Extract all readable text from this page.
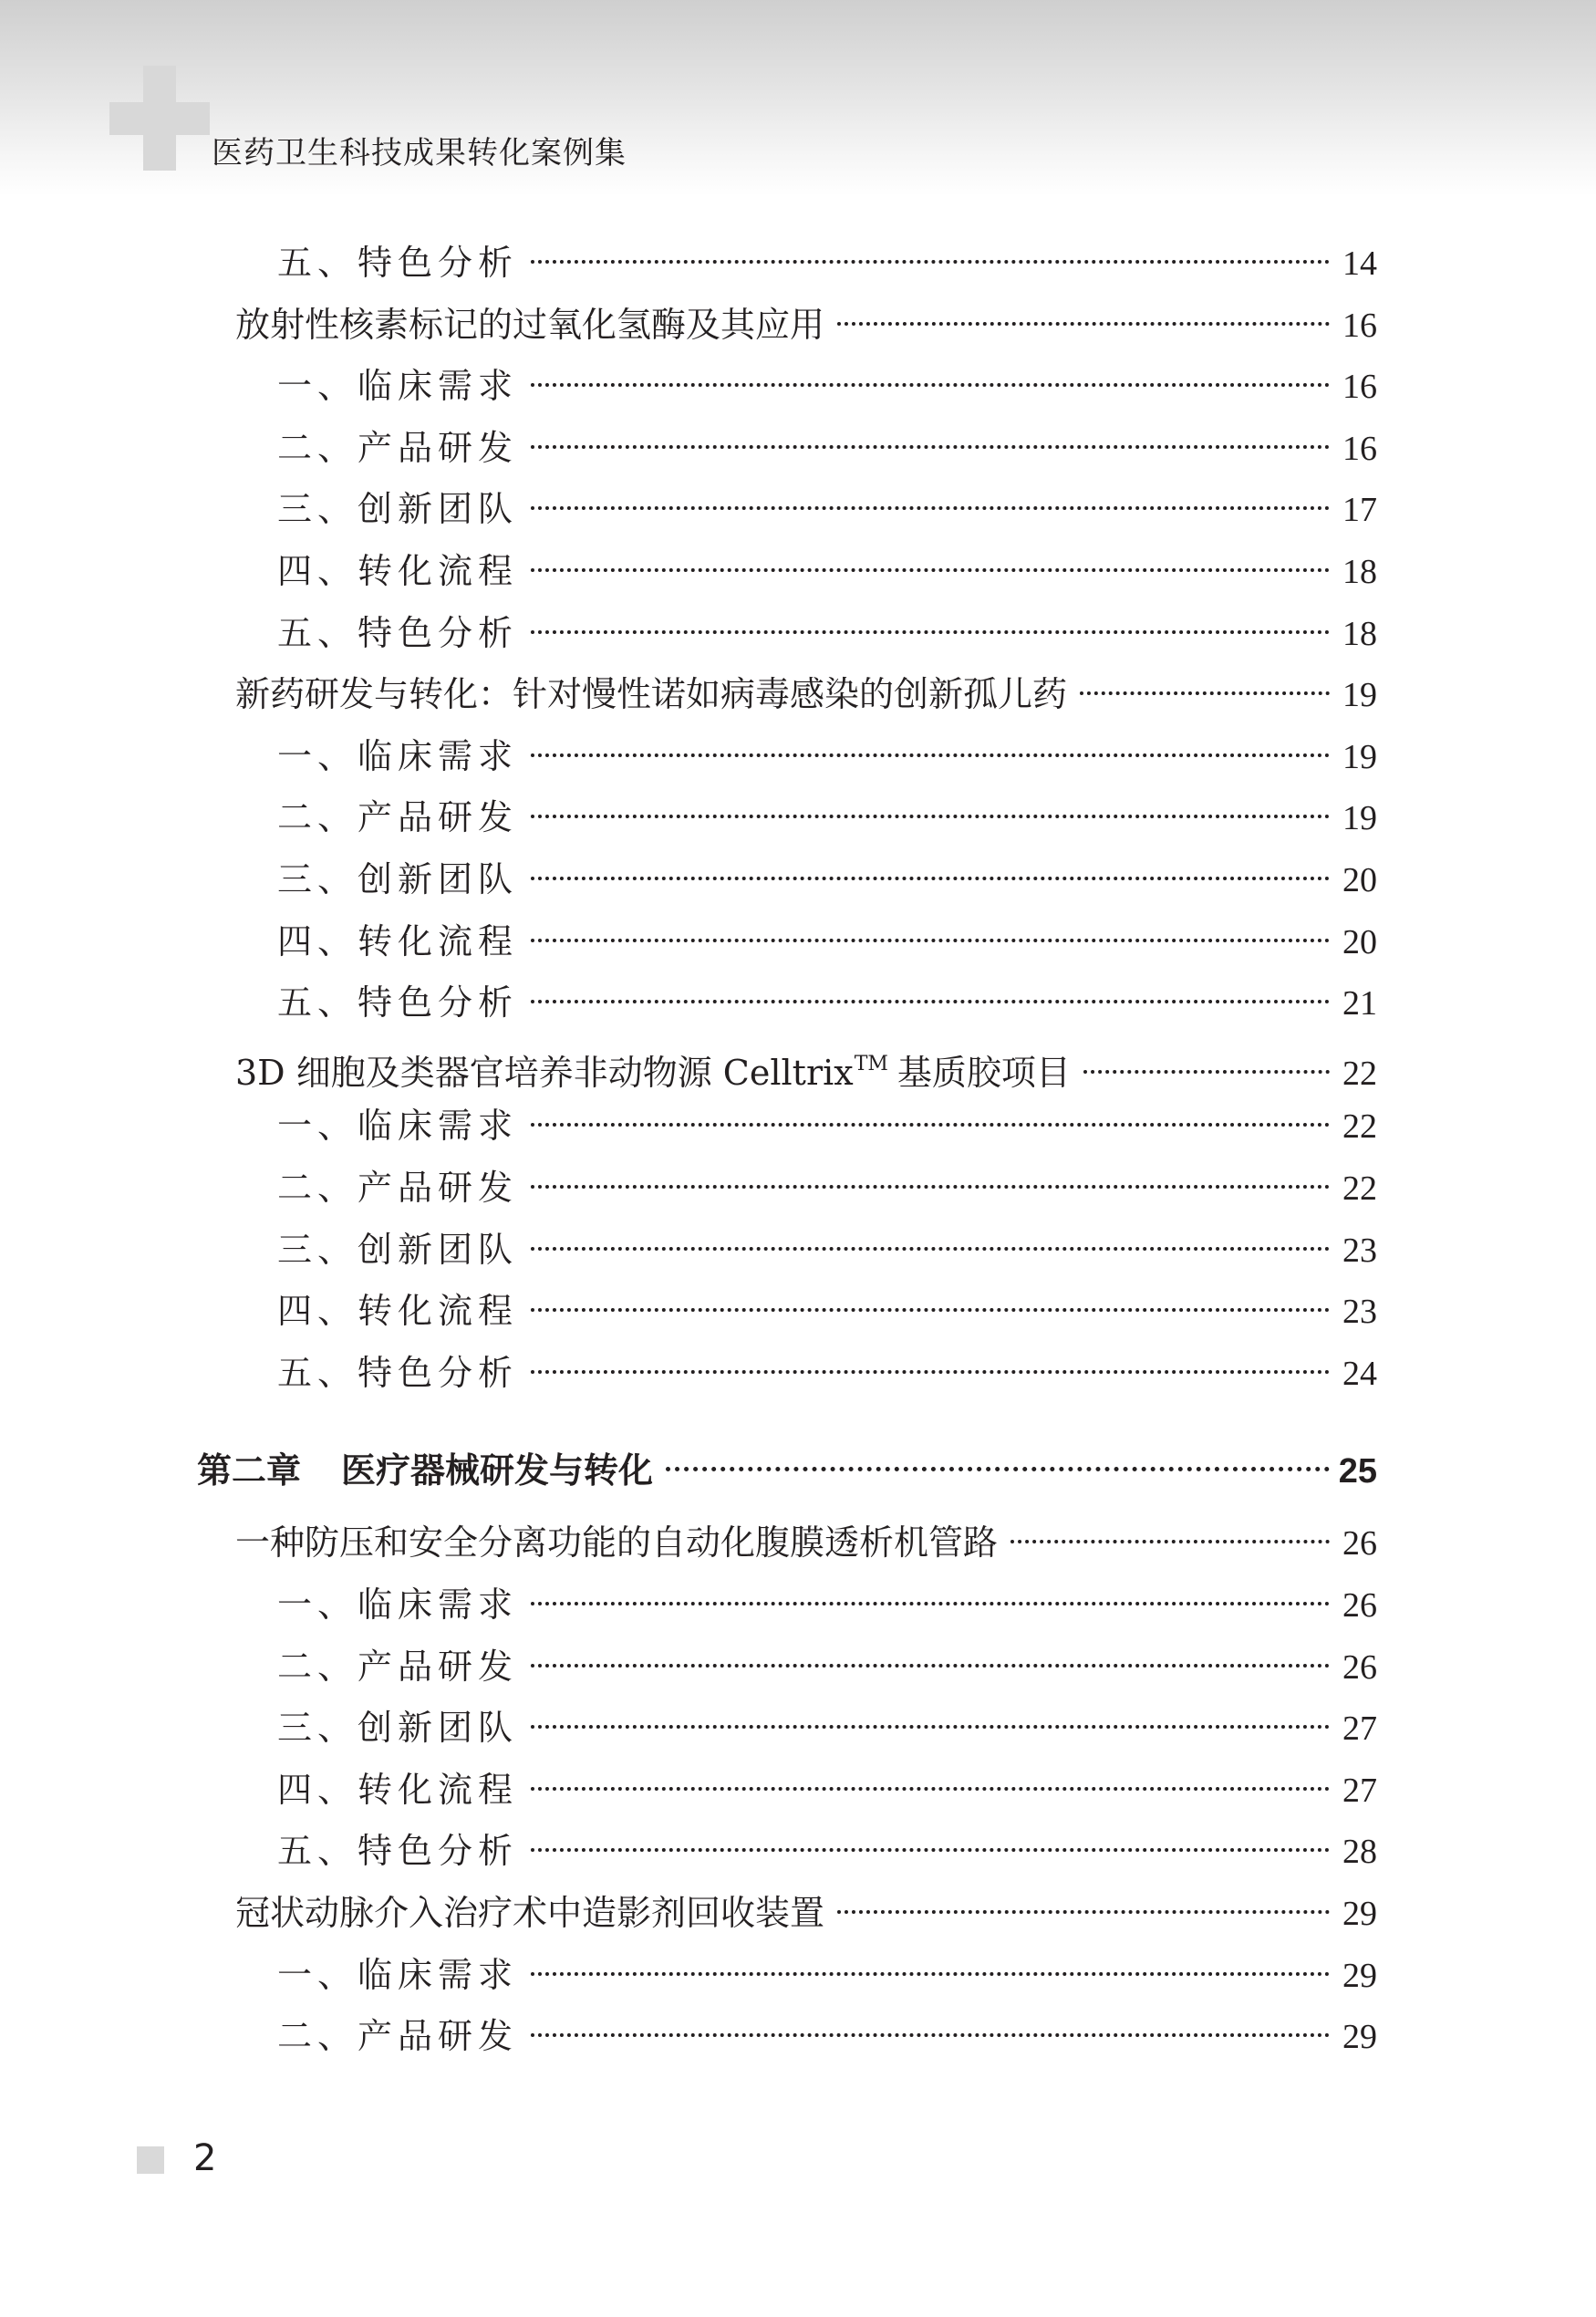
医药卫生科技成果转化案例集
五、特色分析	14
放射性核素标记的过氧化氢酶及其应用	16
一、临床需求	16
二、产品研发	16
三、创新团队	17
四、转化流程	18
五、特色分析	18
新药研发与转化：针对慢性诺如病毒感染的创新孤儿药	19
一、临床需求	19
二、产品研发	19
三、创新团队	20
四、转化流程	20
五、特色分析	21
3D 细胞及类器官培养非动物源 Celltrix™ 基质胶项目	22
一、临床需求	22
二、产品研发	22
三、创新团队	23
四、转化流程	23
五、特色分析	24
第二章 医疗器械研发与转化	25
一种防压和安全分离功能的自动化腹膜透析机管路	26
一、临床需求	26
二、产品研发	26
三、创新团队	27
四、转化流程	27
五、特色分析	28
冠状动脉介入治疗术中造影剂回收装置	29
一、临床需求	29
二、产品研发	29
2
